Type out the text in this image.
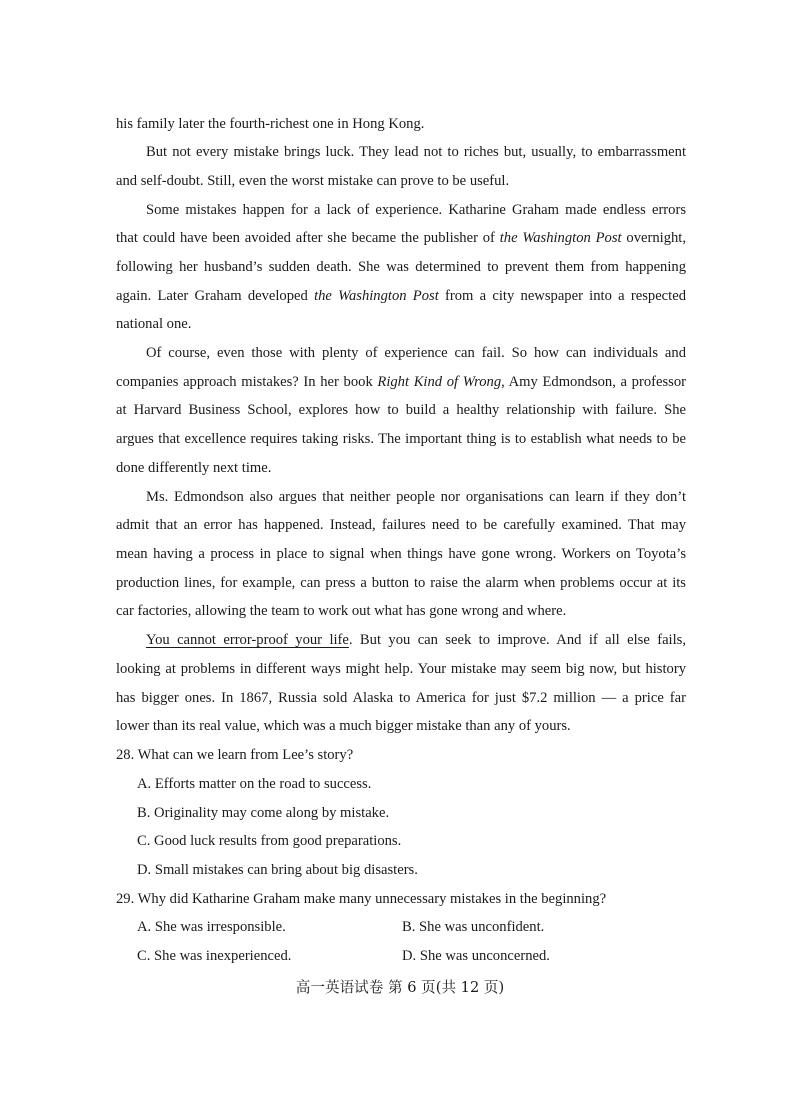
his family later the fourth-richest one in Hong Kong.
But not every mistake brings luck. They lead not to riches but, usually, to embarrassment
and self-doubt. Still, even the worst mistake can prove to be useful.
Some mistakes happen for a lack of experience. Katharine Graham made endless errors
that could have been avoided after she became the publisher of the Washington Post overnight,
following her husband’s sudden death. She was determined to prevent them from happening
again. Later Graham developed the Washington Post from a city newspaper into a respected
national one.
Of course, even those with plenty of experience can fail. So how can individuals and
companies approach mistakes? In her book Right Kind of Wrong, Amy Edmondson, a professor
at Harvard Business School, explores how to build a healthy relationship with failure. She
argues that excellence requires taking risks. The important thing is to establish what needs to be
done differently next time.
Ms. Edmondson also argues that neither people nor organisations can learn if they don’t
admit that an error has happened. Instead, failures need to be carefully examined. That may
mean having a process in place to signal when things have gone wrong. Workers on Toyota’s
production lines, for example, can press a button to raise the alarm when problems occur at its
car factories, allowing the team to work out what has gone wrong and where.
You cannot error-proof your life. But you can seek to improve. And if all else fails,
looking at problems in different ways might help. Your mistake may seem big now, but history
has bigger ones. In 1867, Russia sold Alaska to America for just $7.2 million — a price far
lower than its real value, which was a much bigger mistake than any of yours.
28. What can we learn from Lee’s story?
A. Efforts matter on the road to success.
B. Originality may come along by mistake.
C. Good luck results from good preparations.
D. Small mistakes can bring about big disasters.
29. Why did Katharine Graham make many unnecessary mistakes in the beginning?
A. She was irresponsible.	B. She was unconfident.
C. She was inexperienced.	D. She was unconcerned.
高一英语试卷 第 6 页(共 12 页)
